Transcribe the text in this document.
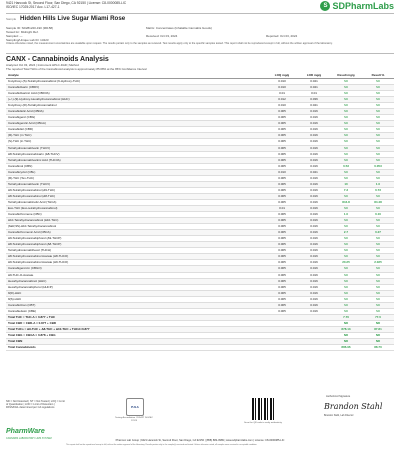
9421 Hancock St, Second Floor, San Diego, CA 92150 | License: C8-0000085-LIC
ISO/IEC 17025:2017 Acc. L17-427-1	S SDPharmLabs
Sample Hidden Hills Live Sugar Miami Rose
Sample ID: SD281220-190 (96158)	Matrix: Concentrates (Inhalable Cannabis Goods)
Tested for: Midnight Ref.
Sampled: —	Received: Oct 03, 2024	Reported: Oct 03, 2024
Sampling/Unique Lab ID: 13423
Unless otherwise noted, the measurement uncertainties are available upon request. The results pertain only to the samples as received. Test results apply only to the specific samples tested. This report shall not be reproduced except in full, without the written approval of the laboratory.
CANX - Cannabinoids Analysis
Analyzed Oct 03, 2024 | Instrument HPLC-DAD | Method
The reported Total THCs of the Cannabinoid analysis is approximately 85.68% at the 95% Confidence Interval
Analyte	LOQ mg/g	LOD mg/g	Result mg/g	Result %
9-Hydroxy-(S)-Tetrahydrocannabinol (9-Hydroxy-THC)	0.010	0.041	ND	ND
Cannabidivarin (CBDV)	0.010	0.041	ND	ND
Cannabidivarinic Acid (CBDVA)	0.01	0.01	ND	ND
(+/-)-(9)-Hydroxy-Hexahydrocannabinol (HHC)	0.012	0.036	ND	ND
9-Hydroxy-(R)-Tetrahydrocannabinol	0.010	0.041	ND	ND
Cannabidiolic Acid (CBDA)	0.005	0.016	ND	ND
Cannabigerol (CBG)	0.005	0.016	ND	ND
Cannabigerolic Acid (CBGA)	0.005	0.016	ND	ND
Cannabidiol (CBD)	0.005	0.016	ND	ND
(R)-THC (in THC)	0.005	0.016	ND	ND
(S)-THC (in THC)	0.005	0.016	ND	ND
Tetrahydrocannabivarin (THCV)	0.005	0.016	ND	ND
Δ8-Tetrahydrocannabivarin (Δ8-THCV)	0.005	0.016	ND	ND
Tetrahydrocannabivarinic Acid (THCVA)	0.005	0.016	ND	ND
Cannabinol (CBN)	0.005	0.016	0.53	0.053
Cannabicyclol (CBL)	0.010	0.041	ND	ND
(R)-THC (Tex-THC)	0.005	0.016	ND	ND
Tetrahydrocannabivarin (THCV)	0.005	0.016	10	1.0
Δ9-Tetrahydrocannabinol (Δ9-THC)	0.005	0.016	7.3	0.73
Δ8-Tetrahydrocannabinol (Δ8-THC)	0.005	0.016	ND	ND
Tetrahydrocannabinolic Acid (THCA)	0.005	0.016	844.8	84.48
Exo-THC (Exo-tetrahydrocannabinol)	0.01	0.016	ND	ND
Cannabichromene (CBC)	0.005	0.016	1.0	0.10
Δ10-Tetrahydrocannabinol (Δ10-THC)	0.005	0.016	ND	ND
(6aR,9S)-Δ10-Tetrahydrocannabinol	0.005	0.016	ND	ND
Cannabichromenic Acid (CBCA)	0.005	0.016	2.7	0.27
Δ9-Tetrahydrocannabiphorol (Δ9-THCP)	0.005	0.016	ND	ND
Δ8-Tetrahydrocannabiphorol (Δ8-THCP)	0.005	0.016	ND	ND
Tetrahydrocannabihexol (THCH)	0.005	0.016	ND	ND
Δ8-Tetrahydrocannabinol Acetate (Δ8-THCO)	0.005	0.016	ND	ND
Δ9-Tetrahydrocannabinol Acetate (Δ9-THCO)	0.005	0.016	20.25	2.025
Cannabigerorcin (CBGO)	0.005	0.016	ND	ND
Δ9-THC-O-Acetate	0.005	0.016	ND	ND
Hexahydrocannabinol (HHC)	0.005	0.016	ND	ND
Hexahydrocannabiphorol (HHCP)	0.005	0.016	ND	ND
9(R)-HHC	0.005	0.016	ND	ND
9(S)-HHC	0.005	0.016	ND	ND
Cannabicitran (CBT)	0.005	0.016	ND	ND
Cannabielsoin (CBE)	0.005	0.016	ND	ND
Total THC = THC-A × 0.877 + THC			7.70	77.0
Total CBD = CBD-A × 0.877 + CBD			ND	ND
Total THCs = Δ9-THC + Δ8-THC + Δ10-THC + THCA×0.877			878.13	87.81
Total CBG = CBGA × 0.878 + CBG			ND	ND
Total CBN			ND	ND
Total Cannabinoids			886.96	88.70
ND = Not Detected | NT = Not Tested | LOQ = Limit of Quantitation | LOD = Limit of Detection | PASS/FAIL determined per CA regulations
PharmWare
CANNABIS LABORATORY LIMS SYSTEM
PJLA
Testing Accreditation #105427 ISO/IEC 17025
Scan the QR code to verify authenticity
Authorized Signature
Brandon Stahl
Brandon Stahl, Lab Director
Pharmco Lab Group | 9421 Hancock St, Second Floor, San Diego, CA 92150 | (858) 882-0989 | www.sdpharmlabs.com | License: C8-0000085-LIC
This report shall not be reproduced except in full, without the written approval of the laboratory. Results pertain only to the sample(s) received and tested. Unless otherwise noted, all samples were received in acceptable condition.
